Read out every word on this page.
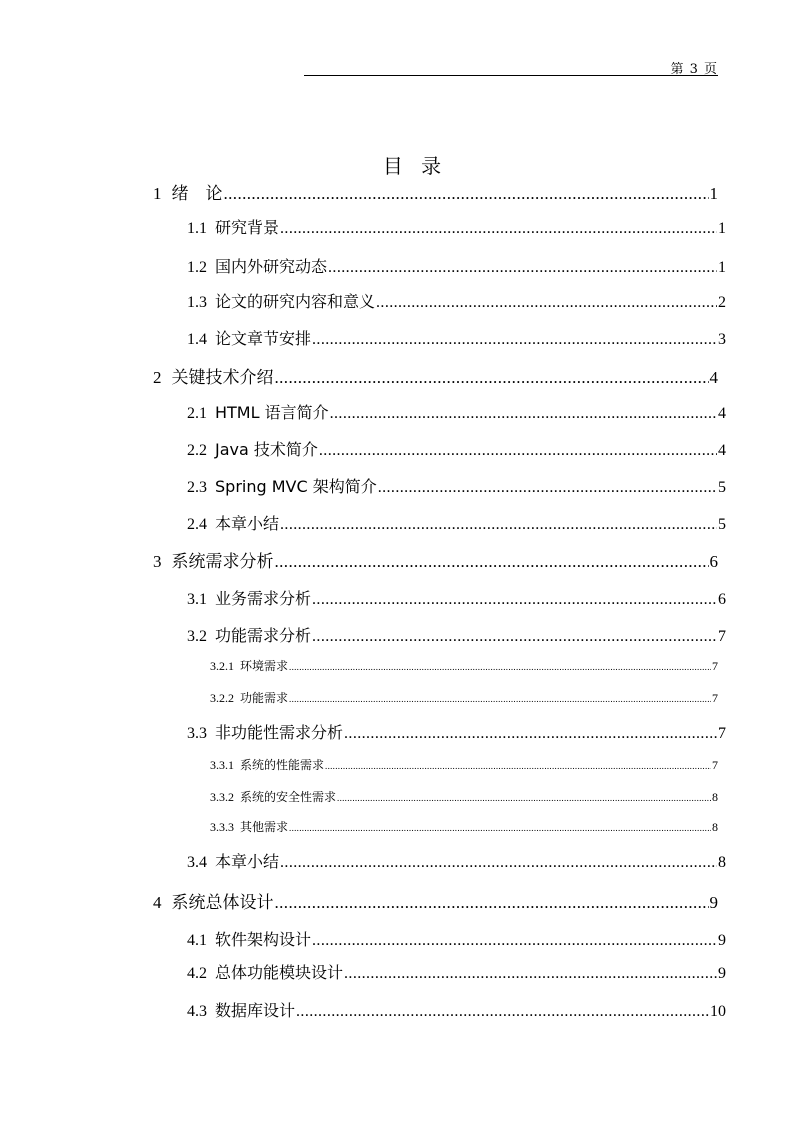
第 3 页
目 录
1 绪　论 .....	1
1.1 研究背景 .....	1
1.2 国内外研究动态 .....	1
1.3 论文的研究内容和意义 .....	2
1.4 论文章节安排 .....	3
2 关键技术介绍 .....	4
2.1 HTML 语言简介 .....	4
2.2 Java 技术简介 .....	4
2.3 Spring MVC 架构简介 .....	5
2.4 本章小结 .....	5
3 系统需求分析 .....	6
3.1 业务需求分析 .....	6
3.2 功能需求分析 .....	7
3.2.1 环境需求 .....	7
3.2.2 功能需求 .....	7
3.3 非功能性需求分析 .....	7
3.3.1 系统的性能需求 .....	7
3.3.2 系统的安全性需求 .....	8
3.3.3 其他需求 .....	8
3.4 本章小结 .....	8
4 系统总体设计 .....	9
4.1 软件架构设计 .....	9
4.2 总体功能模块设计 .....	9
4.3 数据库设计 .....	10
